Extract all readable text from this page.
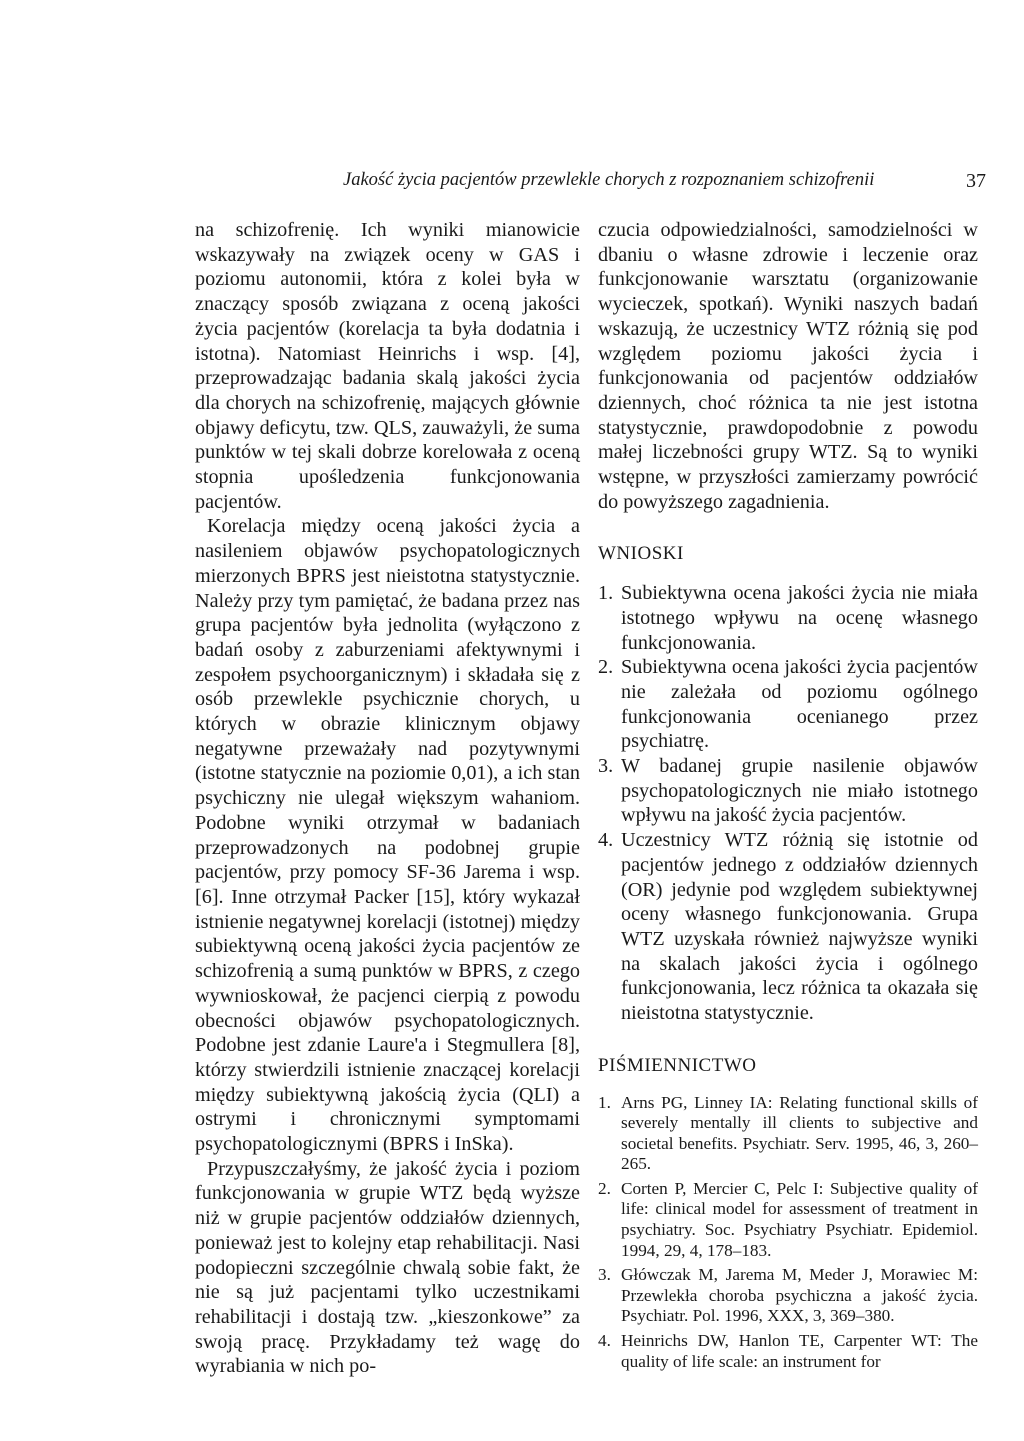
Jakość życia pacjentów przewlekle chorych z rozpoznaniem schizofrenii	37

na schizofrenię. Ich wyniki mianowicie wskazywały na związek oceny w GAS i poziomu autonomii, która z kolei była w znaczący sposób związana z oceną jakości życia pacjentów (korelacja ta była dodatnia i istotna). Natomiast Heinrichs i wsp. [4], przeprowadzając badania skalą jakości życia dla chorych na schizofrenię, mających głównie objawy deficytu, tzw. QLS, zauważyli, że suma punktów w tej skali dobrze korelowała z oceną stopnia upośledzenia funkcjonowania pacjentów.

Korelacja między oceną jakości życia a nasileniem objawów psychopatologicznych mierzonych BPRS jest nieistotna statystycznie. Należy przy tym pamiętać, że badana przez nas grupa pacjentów była jednolita (wyłączono z badań osoby z zaburzeniami afektywnymi i zespołem psychoorganicznym) i składała się z osób przewlekle psychicznie chorych, u których w obrazie klinicznym objawy negatywne przeważały nad pozytywnymi (istotne statycznie na poziomie 0,01), a ich stan psychiczny nie ulegał większym wahaniom. Podobne wyniki otrzymał w badaniach przeprowadzonych na podobnej grupie pacjentów, przy pomocy SF-36 Jarema i wsp. [6]. Inne otrzymał Packer [15], który wykazał istnienie negatywnej korelacji (istotnej) między subiektywną oceną jakości życia pacjentów ze schizofrenią a sumą punktów w BPRS, z czego wywnioskował, że pacjenci cierpią z powodu obecności objawów psychopatologicznych. Podobne jest zdanie Laure'a i Stegmullera [8], którzy stwierdzili istnienie znaczącej korelacji między subiektywną jakością życia (QLI) a ostrymi i chronicznymi symptomami psychopatologicznymi (BPRS i InSka).

Przypuszczałyśmy, że jakość życia i poziom funkcjonowania w grupie WTZ będą wyższe niż w grupie pacjentów oddziałów dziennych, ponieważ jest to kolejny etap rehabilitacji. Nasi podopieczni szczególnie chwalą sobie fakt, że nie są już pacjentami tylko uczestnikami rehabilitacji i dostają tzw. „kieszonkowe” za swoją pracę. Przykładamy też wagę do wyrabiania w nich po-

czucia odpowiedzialności, samodzielności w dbaniu o własne zdrowie i leczenie oraz funkcjonowanie warsztatu (organizowanie wycieczek, spotkań). Wyniki naszych badań wskazują, że uczestnicy WTZ różnią się pod względem poziomu jakości życia i funkcjonowania od pacjentów oddziałów dziennych, choć różnica ta nie jest istotna statystycznie, prawdopodobnie z powodu małej liczebności grupy WTZ. Są to wyniki wstępne, w przyszłości zamierzamy powrócić do powyższego zagadnienia.

WNIOSKI
1. Subiektywna ocena jakości życia nie miała istotnego wpływu na ocenę własnego funkcjonowania.
2. Subiektywna ocena jakości życia pacjentów nie zależała od poziomu ogólnego funkcjonowania ocenianego przez psychiatrę.
3. W badanej grupie nasilenie objawów psychopatologicznych nie miało istotnego wpływu na jakość życia pacjentów.
4. Uczestnicy WTZ różnią się istotnie od pacjentów jednego z oddziałów dziennych (OR) jedynie pod względem subiektywnej oceny własnego funkcjonowania. Grupa WTZ uzyskała również najwyższe wyniki na skalach jakości życia i ogólnego funkcjonowania, lecz różnica ta okazała się nieistotna statystycznie.
PIŚMIENNICTWO
1. Arns PG, Linney IA: Relating functional skills of severely mentally ill clients to subjective and societal benefits. Psychiatr. Serv. 1995, 46, 3, 260–265.
2. Corten P, Mercier C, Pelc I: Subjective quality of life: clinical model for assessment of treatment in psychiatry. Soc. Psychiatry Psychiatr. Epidemiol. 1994, 29, 4, 178–183.
3. Główczak M, Jarema M, Meder J, Morawiec M: Przewlekła choroba psychiczna a jakość życia. Psychiatr. Pol. 1996, XXX, 3, 369–380.
4. Heinrichs DW, Hanlon TE, Carpenter WT: The quality of life scale: an instrument for
